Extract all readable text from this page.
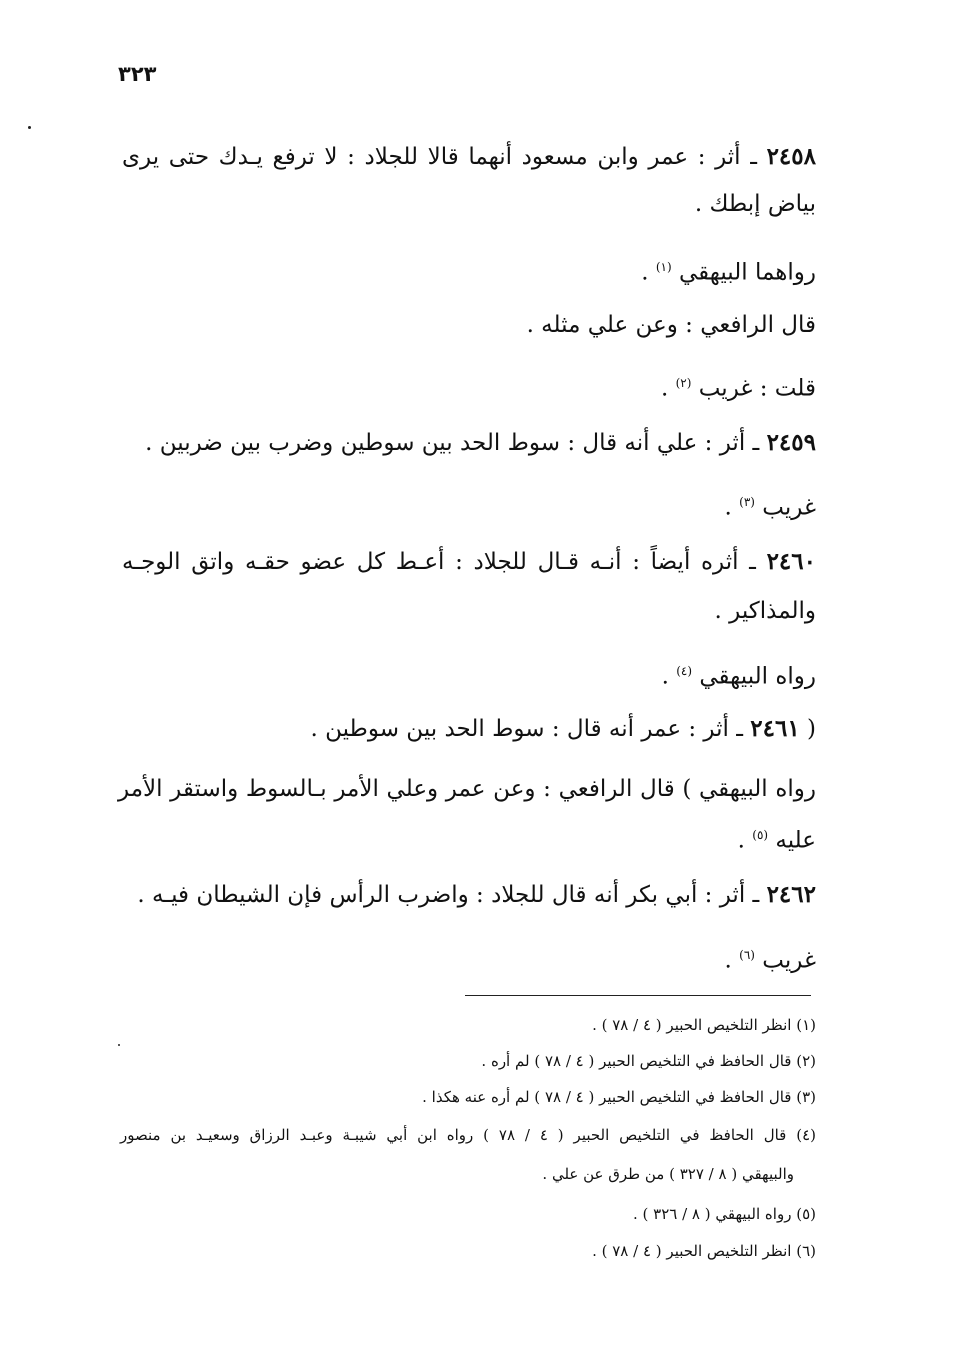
٣٢٣
٢٤٥٨ ـ أثر : عمر وابن مسعود أنهما قالا للجلاد : لا ترفع يـدك حتى يرى
بياض إبطك .
رواهما البيهقي $^{(١)}$ .
قال الرافعي : وعن علي مثله .
قلت : غريب $^{(٢)}$ .
٢٤٥٩ ـ أثر : علي أنه قال : سوط الحد بين سوطين وضرب بين ضربين .
غريب $^{(٣)}$ .
٢٤٦٠ ـ أثره أيضاً : أنـه قـال للجلاد : أعـط كل عضو حقـه واتق الوجـه
والمذاكير .
رواه البيهقي $^{(٤)}$ .
( ٢٤٦١ ـ أثر : عمر أنه قال : سوط الحد بين سوطين .
رواه البيهقي ) قال الرافعي : وعن عمر وعلي الأمر بـالسوط واستقر الأمر
عليه $^{(٥)}$ .
٢٤٦٢ ـ أثر : أبي بكر أنه قال للجلاد : واضرب الرأس فإن الشيطان فيـه .
غريب $^{(٦)}$ .
(١) انظر التلخيص الحبير ( ٤ / ٧٨ ) .
(٢) قال الحافظ في التلخيص الحبير ( ٤ / ٧٨ ) لم أره .
(٣) قال الحافظ في التلخيص الحبير ( ٤ / ٧٨ ) لم أره عنه هكذا .
(٤) قال الحافظ في التلخيص الحبير ( ٤ / ٧٨ ) رواه ابن أبي شيبـة وعبـد الرزاق وسعيـد بن منصور
والبيهقي ( ٨ / ٣٢٧ ) من طرق عن علي .
(٥) رواه البيهقي ( ٨ / ٣٢٦ ) .
(٦) انظر التلخيص الحبير ( ٤ / ٧٨ ) .
